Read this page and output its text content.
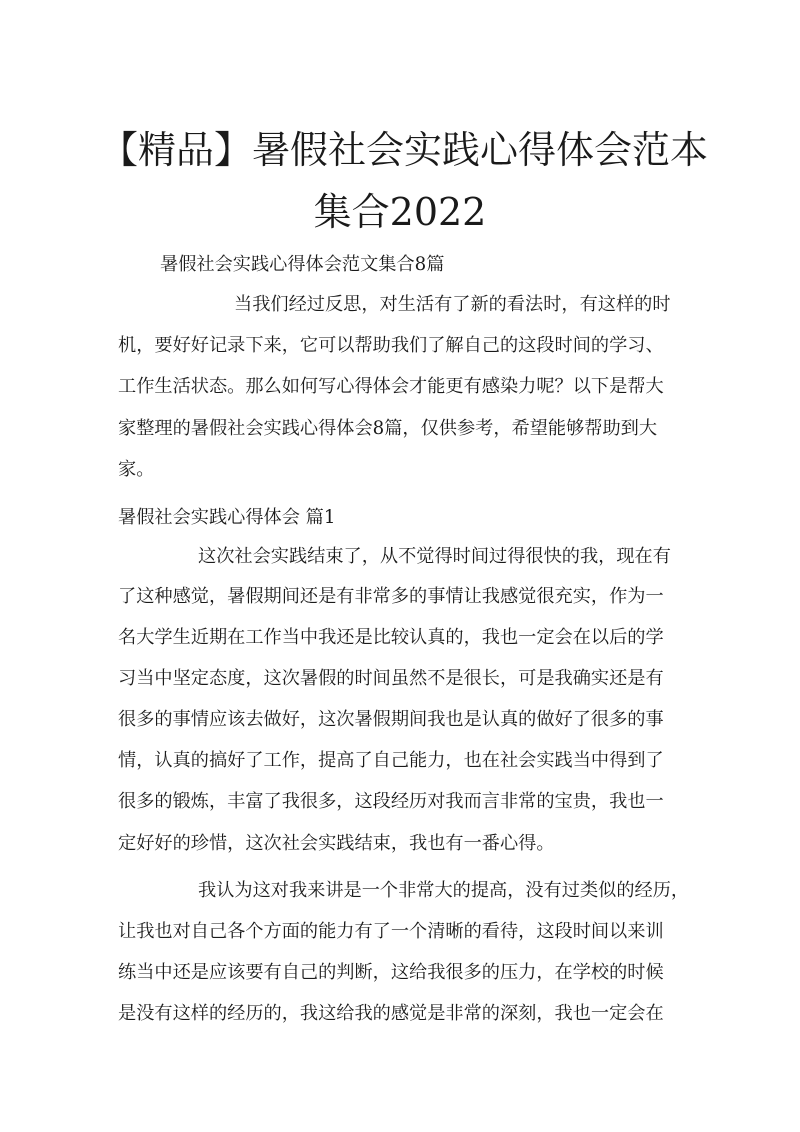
【精品】暑假社会实践心得体会范本
集合2022

暑假社会实践心得体会范文集合8篇

当我们经过反思，对生活有了新的看法时，有这样的时

机，要好好记录下来，它可以帮助我们了解自己的这段时间的学习、

工作生活状态。那么如何写心得体会才能更有感染力呢？以下是帮大

家整理的暑假社会实践心得体会8篇，仅供参考，希望能够帮助到大

家。

暑假社会实践心得体会 篇1

这次社会实践结束了，从不觉得时间过得很快的我，现在有

了这种感觉，暑假期间还是有非常多的事情让我感觉很充实，作为一

名大学生近期在工作当中我还是比较认真的，我也一定会在以后的学

习当中坚定态度，这次暑假的时间虽然不是很长，可是我确实还是有

很多的事情应该去做好，这次暑假期间我也是认真的做好了很多的事

情，认真的搞好了工作，提高了自己能力，也在社会实践当中得到了

很多的锻炼，丰富了我很多，这段经历对我而言非常的宝贵，我也一

定好好的珍惜，这次社会实践结束，我也有一番心得。

我认为这对我来讲是一个非常大的提高，没有过类似的经历，

让我也对自己各个方面的能力有了一个清晰的看待，这段时间以来训

练当中还是应该要有自己的判断，这给我很多的压力，在学校的时候

是没有这样的经历的，我这给我的感觉是非常的深刻，我也一定会在
